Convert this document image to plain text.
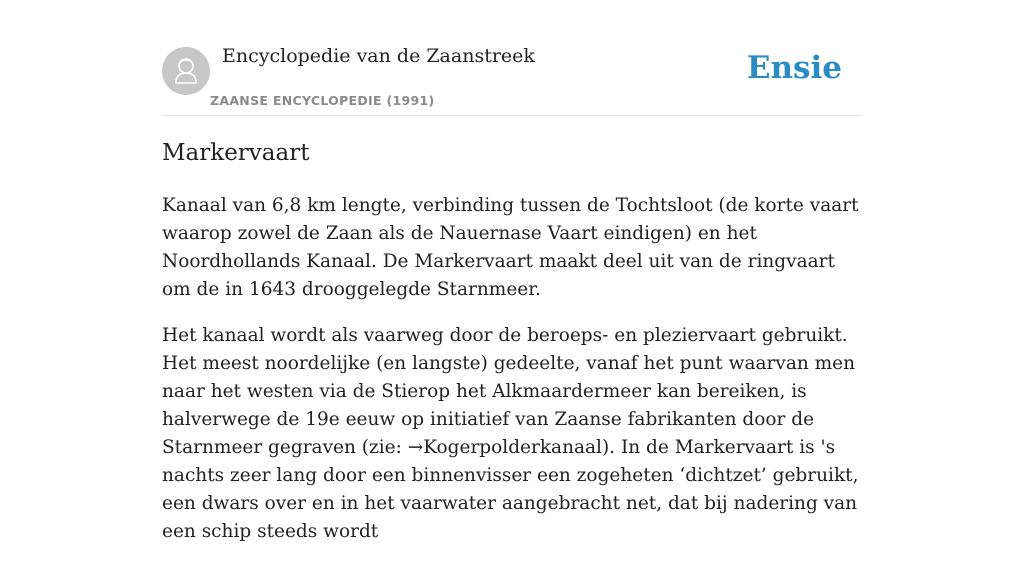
Encyclopedie van de Zaanstreek
ZAANSE ENCYCLOPEDIE (1991)
Ensie
Markervaart

Kanaal van 6,8 km lengte, verbinding tussen de Tochtsloot (de korte vaart waarop zowel de Zaan als de Nauernase Vaart eindigen) en het Noordhollands Kanaal. De Markervaart maakt deel uit van de ringvaart om de in 1643 drooggelegde Starnmeer.

Het kanaal wordt als vaarweg door de beroeps- en pleziervaart gebruikt. Het meest noordelijke (en langste) gedeelte, vanaf het punt waarvan men naar het westen via de Stierop het Alkmaardermeer kan bereiken, is halverwege de 19e eeuw op initiatief van Zaanse fabrikanten door de Starnmeer gegraven (zie: →Kogerpolderkanaal). In de Markervaart is 's nachts zeer lang door een binnenvisser een zogeheten ‘dichtzet’ gebruikt, een dwars over en in het vaarwater aangebracht net, dat bij nadering van een schip steeds wordt
